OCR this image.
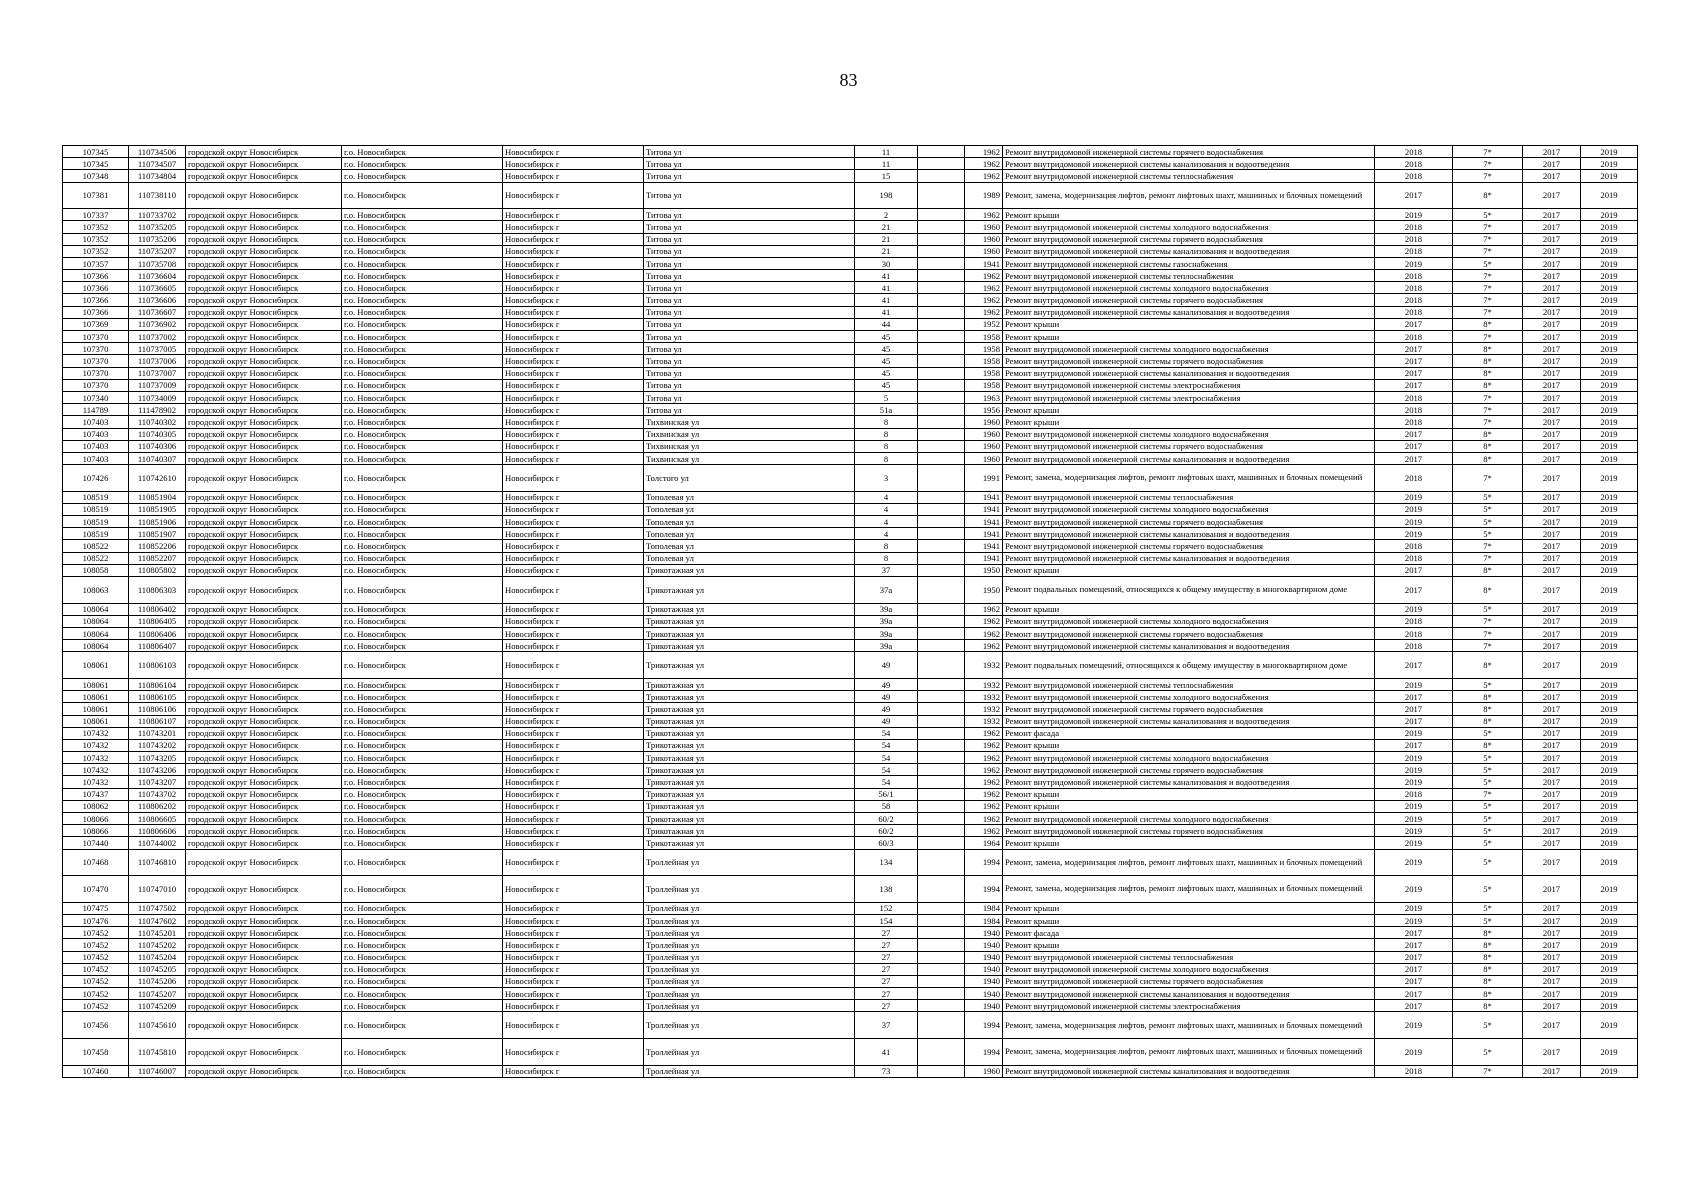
83
107345	110734506	городской округ Новосибирск	г.о. Новосибирск	Новосибирск г	Титова ул	11		1962	Ремонт внутридомовой инженерной системы горячего водоснабжения	2018	7*	2017	2019
107345	110734507	городской округ Новосибирск	г.о. Новосибирск	Новосибирск г	Титова ул	11		1962	Ремонт внутридомовой инженерной системы канализования и водоотведения	2018	7*	2017	2019
107348	110734804	городской округ Новосибирск	г.о. Новосибирск	Новосибирск г	Титова ул	15		1962	Ремонт внутридомовой инженерной системы теплоснабжения	2018	7*	2017	2019
107381	110738110	городской округ Новосибирск	г.о. Новосибирск	Новосибирск г	Титова ул	198		1989	Ремонт, замена, модернизация лифтов, ремонт лифтовых шахт, машинных и блочных помещений	2017	8*	2017	2019
107337	110733702	городской округ Новосибирск	г.о. Новосибирск	Новосибирск г	Титова ул	2		1962	Ремонт крыши	2019	5*	2017	2019
107352	110735205	городской округ Новосибирск	г.о. Новосибирск	Новосибирск г	Титова ул	21		1960	Ремонт внутридомовой инженерной системы холодного водоснабжения	2018	7*	2017	2019
107352	110735206	городской округ Новосибирск	г.о. Новосибирск	Новосибирск г	Титова ул	21		1960	Ремонт внутридомовой инженерной системы горячего водоснабжения	2018	7*	2017	2019
107352	110735207	городской округ Новосибирск	г.о. Новосибирск	Новосибирск г	Титова ул	21		1960	Ремонт внутридомовой инженерной системы канализования и водоотведения	2018	7*	2017	2019
107357	110735708	городской округ Новосибирск	г.о. Новосибирск	Новосибирск г	Титова ул	30		1941	Ремонт внутридомовой инженерной системы газоснабжения	2019	5*	2017	2019
107366	110736604	городской округ Новосибирск	г.о. Новосибирск	Новосибирск г	Титова ул	41		1962	Ремонт внутридомовой инженерной системы теплоснабжения	2018	7*	2017	2019
107366	110736605	городской округ Новосибирск	г.о. Новосибирск	Новосибирск г	Титова ул	41		1962	Ремонт внутридомовой инженерной системы холодного водоснабжения	2018	7*	2017	2019
107366	110736606	городской округ Новосибирск	г.о. Новосибирск	Новосибирск г	Титова ул	41		1962	Ремонт внутридомовой инженерной системы горячего водоснабжения	2018	7*	2017	2019
107366	110736607	городской округ Новосибирск	г.о. Новосибирск	Новосибирск г	Титова ул	41		1962	Ремонт внутридомовой инженерной системы канализования и водоотведения	2018	7*	2017	2019
107369	110736902	городской округ Новосибирск	г.о. Новосибирск	Новосибирск г	Титова ул	44		1952	Ремонт крыши	2017	8*	2017	2019
107370	110737002	городской округ Новосибирск	г.о. Новосибирск	Новосибирск г	Титова ул	45		1958	Ремонт крыши	2018	7*	2017	2019
107370	110737005	городской округ Новосибирск	г.о. Новосибирск	Новосибирск г	Титова ул	45		1958	Ремонт внутридомовой инженерной системы холодного водоснабжения	2017	8*	2017	2019
107370	110737006	городской округ Новосибирск	г.о. Новосибирск	Новосибирск г	Титова ул	45		1958	Ремонт внутридомовой инженерной системы горячего водоснабжения	2017	8*	2017	2019
107370	110737007	городской округ Новосибирск	г.о. Новосибирск	Новосибирск г	Титова ул	45		1958	Ремонт внутридомовой инженерной системы канализования и водоотведения	2017	8*	2017	2019
107370	110737009	городской округ Новосибирск	г.о. Новосибирск	Новосибирск г	Титова ул	45		1958	Ремонт внутридомовой инженерной системы электроснабжения	2017	8*	2017	2019
107340	110734009	городской округ Новосибирск	г.о. Новосибирск	Новосибирск г	Титова ул	5		1963	Ремонт внутридомовой инженерной системы электроснабжения	2018	7*	2017	2019
114789	111478902	городской округ Новосибирск	г.о. Новосибирск	Новосибирск г	Титова ул	51а		1956	Ремонт крыши	2018	7*	2017	2019
107403	110740302	городской округ Новосибирск	г.о. Новосибирск	Новосибирск г	Тихвинская ул	8		1960	Ремонт крыши	2018	7*	2017	2019
107403	110740305	городской округ Новосибирск	г.о. Новосибирск	Новосибирск г	Тихвинская ул	8		1960	Ремонт внутридомовой инженерной системы холодного водоснабжения	2017	8*	2017	2019
107403	110740306	городской округ Новосибирск	г.о. Новосибирск	Новосибирск г	Тихвинская ул	8		1960	Ремонт внутридомовой инженерной системы горячего водоснабжения	2017	8*	2017	2019
107403	110740307	городской округ Новосибирск	г.о. Новосибирск	Новосибирск г	Тихвинская ул	8		1960	Ремонт внутридомовой инженерной системы канализования и водоотведения	2017	8*	2017	2019
107426	110742610	городской округ Новосибирск	г.о. Новосибирск	Новосибирск г	Толстого ул	3		1991	Ремонт, замена, модернизация лифтов, ремонт лифтовых шахт, машинных и блочных помещений	2018	7*	2017	2019
108519	110851904	городской округ Новосибирск	г.о. Новосибирск	Новосибирск г	Тополевая ул	4		1941	Ремонт внутридомовой инженерной системы теплоснабжения	2019	5*	2017	2019
108519	110851905	городской округ Новосибирск	г.о. Новосибирск	Новосибирск г	Тополевая ул	4		1941	Ремонт внутридомовой инженерной системы холодного водоснабжения	2019	5*	2017	2019
108519	110851906	городской округ Новосибирск	г.о. Новосибирск	Новосибирск г	Тополевая ул	4		1941	Ремонт внутридомовой инженерной системы горячего водоснабжения	2019	5*	2017	2019
108519	110851907	городской округ Новосибирск	г.о. Новосибирск	Новосибирск г	Тополевая ул	4		1941	Ремонт внутридомовой инженерной системы канализования и водоотведения	2019	5*	2017	2019
108522	110852206	городской округ Новосибирск	г.о. Новосибирск	Новосибирск г	Тополевая ул	8		1941	Ремонт внутридомовой инженерной системы горячего водоснабжения	2018	7*	2017	2019
108522	110852207	городской округ Новосибирск	г.о. Новосибирск	Новосибирск г	Тополевая ул	8		1941	Ремонт внутридомовой инженерной системы канализования и водоотведения	2018	7*	2017	2019
108058	110805802	городской округ Новосибирск	г.о. Новосибирск	Новосибирск г	Трикотажная ул	37		1950	Ремонт крыши	2017	8*	2017	2019
108063	110806303	городской округ Новосибирск	г.о. Новосибирск	Новосибирск г	Трикотажная ул	37а		1950	Ремонт подвальных помещений, относящихся к общему имуществу в многоквартирном доме	2017	8*	2017	2019
108064	110806402	городской округ Новосибирск	г.о. Новосибирск	Новосибирск г	Трикотажная ул	39а		1962	Ремонт крыши	2019	5*	2017	2019
108064	110806405	городской округ Новосибирск	г.о. Новосибирск	Новосибирск г	Трикотажная ул	39а		1962	Ремонт внутридомовой инженерной системы холодного водоснабжения	2018	7*	2017	2019
108064	110806406	городской округ Новосибирск	г.о. Новосибирск	Новосибирск г	Трикотажная ул	39а		1962	Ремонт внутридомовой инженерной системы горячего водоснабжения	2018	7*	2017	2019
108064	110806407	городской округ Новосибирск	г.о. Новосибирск	Новосибирск г	Трикотажная ул	39а		1962	Ремонт внутридомовой инженерной системы канализования и водоотведения	2018	7*	2017	2019
108061	110806103	городской округ Новосибирск	г.о. Новосибирск	Новосибирск г	Трикотажная ул	49		1932	Ремонт подвальных помещений, относящихся к общему имуществу в многоквартирном доме	2017	8*	2017	2019
108061	110806104	городской округ Новосибирск	г.о. Новосибирск	Новосибирск г	Трикотажная ул	49		1932	Ремонт внутридомовой инженерной системы теплоснабжения	2019	5*	2017	2019
108061	110806105	городской округ Новосибирск	г.о. Новосибирск	Новосибирск г	Трикотажная ул	49		1932	Ремонт внутридомовой инженерной системы холодного водоснабжения	2017	8*	2017	2019
108061	110806106	городской округ Новосибирск	г.о. Новосибирск	Новосибирск г	Трикотажная ул	49		1932	Ремонт внутридомовой инженерной системы горячего водоснабжения	2017	8*	2017	2019
108061	110806107	городской округ Новосибирск	г.о. Новосибирск	Новосибирск г	Трикотажная ул	49		1932	Ремонт внутридомовой инженерной системы канализования и водоотведения	2017	8*	2017	2019
107432	110743201	городской округ Новосибирск	г.о. Новосибирск	Новосибирск г	Трикотажная ул	54		1962	Ремонт фасада	2019	5*	2017	2019
107432	110743202	городской округ Новосибирск	г.о. Новосибирск	Новосибирск г	Трикотажная ул	54		1962	Ремонт крыши	2017	8*	2017	2019
107432	110743205	городской округ Новосибирск	г.о. Новосибирск	Новосибирск г	Трикотажная ул	54		1962	Ремонт внутридомовой инженерной системы холодного водоснабжения	2019	5*	2017	2019
107432	110743206	городской округ Новосибирск	г.о. Новосибирск	Новосибирск г	Трикотажная ул	54		1962	Ремонт внутридомовой инженерной системы горячего водоснабжения	2019	5*	2017	2019
107432	110743207	городской округ Новосибирск	г.о. Новосибирск	Новосибирск г	Трикотажная ул	54		1962	Ремонт внутридомовой инженерной системы канализования и водоотведения	2019	5*	2017	2019
107437	110743702	городской округ Новосибирск	г.о. Новосибирск	Новосибирск г	Трикотажная ул	56/1		1962	Ремонт крыши	2018	7*	2017	2019
108062	110806202	городской округ Новосибирск	г.о. Новосибирск	Новосибирск г	Трикотажная ул	58		1962	Ремонт крыши	2019	5*	2017	2019
108066	110806605	городской округ Новосибирск	г.о. Новосибирск	Новосибирск г	Трикотажная ул	60/2		1962	Ремонт внутридомовой инженерной системы холодного водоснабжения	2019	5*	2017	2019
108066	110806606	городской округ Новосибирск	г.о. Новосибирск	Новосибирск г	Трикотажная ул	60/2		1962	Ремонт внутридомовой инженерной системы горячего водоснабжения	2019	5*	2017	2019
107440	110744002	городской округ Новосибирск	г.о. Новосибирск	Новосибирск г	Трикотажная ул	60/3		1964	Ремонт крыши	2019	5*	2017	2019
107468	110746810	городской округ Новосибирск	г.о. Новосибирск	Новосибирск г	Троллейная ул	134		1994	Ремонт, замена, модернизация лифтов, ремонт лифтовых шахт, машинных и блочных помещений	2019	5*	2017	2019
107470	110747010	городской округ Новосибирск	г.о. Новосибирск	Новосибирск г	Троллейная ул	138		1994	Ремонт, замена, модернизация лифтов, ремонт лифтовых шахт, машинных и блочных помещений	2019	5*	2017	2019
107475	110747502	городской округ Новосибирск	г.о. Новосибирск	Новосибирск г	Троллейная ул	152		1984	Ремонт крыши	2019	5*	2017	2019
107476	110747602	городской округ Новосибирск	г.о. Новосибирск	Новосибирск г	Троллейная ул	154		1984	Ремонт крыши	2019	5*	2017	2019
107452	110745201	городской округ Новосибирск	г.о. Новосибирск	Новосибирск г	Троллейная ул	27		1940	Ремонт фасада	2017	8*	2017	2019
107452	110745202	городской округ Новосибирск	г.о. Новосибирск	Новосибирск г	Троллейная ул	27		1940	Ремонт крыши	2017	8*	2017	2019
107452	110745204	городской округ Новосибирск	г.о. Новосибирск	Новосибирск г	Троллейная ул	27		1940	Ремонт внутридомовой инженерной системы теплоснабжения	2017	8*	2017	2019
107452	110745205	городской округ Новосибирск	г.о. Новосибирск	Новосибирск г	Троллейная ул	27		1940	Ремонт внутридомовой инженерной системы холодного водоснабжения	2017	8*	2017	2019
107452	110745206	городской округ Новосибирск	г.о. Новосибирск	Новосибирск г	Троллейная ул	27		1940	Ремонт внутридомовой инженерной системы горячего водоснабжения	2017	8*	2017	2019
107452	110745207	городской округ Новосибирск	г.о. Новосибирск	Новосибирск г	Троллейная ул	27		1940	Ремонт внутридомовой инженерной системы канализования и водоотведения	2017	8*	2017	2019
107452	110745209	городской округ Новосибирск	г.о. Новосибирск	Новосибирск г	Троллейная ул	27		1940	Ремонт внутридомовой инженерной системы электроснабжения	2017	8*	2017	2019
107456	110745610	городской округ Новосибирск	г.о. Новосибирск	Новосибирск г	Троллейная ул	37		1994	Ремонт, замена, модернизация лифтов, ремонт лифтовых шахт, машинных и блочных помещений	2019	5*	2017	2019
107458	110745810	городской округ Новосибирск	г.о. Новосибирск	Новосибирск г	Троллейная ул	41		1994	Ремонт, замена, модернизация лифтов, ремонт лифтовых шахт, машинных и блочных помещений	2019	5*	2017	2019
107460	110746007	городской округ Новосибирск	г.о. Новосибирск	Новосибирск г	Троллейная ул	73		1960	Ремонт внутридомовой инженерной системы канализования и водоотведения	2018	7*	2017	2019
